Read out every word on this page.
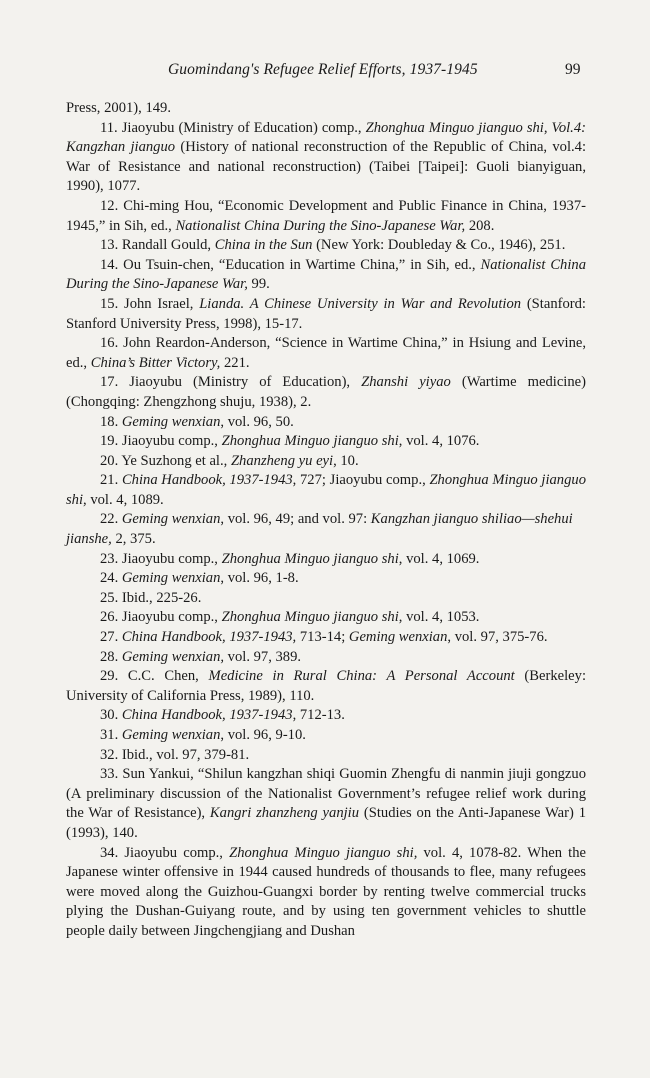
Guomindang's Refugee Relief Efforts, 1937-1945	99

Press, 2001), 149.

11. Jiaoyubu (Ministry of Education) comp., Zhonghua Minguo jianguo shi, Vol.4: Kangzhan jianguo (History of national reconstruction of the Republic of China, vol.4: War of Resistance and national reconstruction) (Taibei [Taipei]: Guoli bianyiguan, 1990), 1077.

12. Chi-ming Hou, “Economic Development and Public Finance in China, 1937-1945,” in Sih, ed., Nationalist China During the Sino-Japanese War, 208.

13. Randall Gould, China in the Sun (New York: Doubleday & Co., 1946), 251.

14. Ou Tsuin-chen, “Education in Wartime China,” in Sih, ed., Nationalist China During the Sino-Japanese War, 99.

15. John Israel, Lianda. A Chinese University in War and Revolution (Stanford: Stanford University Press, 1998), 15-17.

16. John Reardon-Anderson, “Science in Wartime China,” in Hsiung and Levine, ed., China’s Bitter Victory, 221.

17. Jiaoyubu (Ministry of Education), Zhanshi yiyao (Wartime medicine) (Chongqing: Zhengzhong shuju, 1938), 2.

18. Geming wenxian, vol. 96, 50.

19. Jiaoyubu comp., Zhonghua Minguo jianguo shi, vol. 4, 1076.

20. Ye Suzhong et al., Zhanzheng yu eyi, 10.

21. China Handbook, 1937-1943, 727; Jiaoyubu comp., Zhonghua Minguo jianguo shi, vol. 4, 1089.

22. Geming wenxian, vol. 96, 49; and vol. 97: Kangzhan jianguo shiliao—shehui jianshe, 2, 375.

23. Jiaoyubu comp., Zhonghua Minguo jianguo shi, vol. 4, 1069.

24. Geming wenxian, vol. 96, 1-8.

25. Ibid., 225-26.

26. Jiaoyubu comp., Zhonghua Minguo jianguo shi, vol. 4, 1053.

27. China Handbook, 1937-1943, 713-14; Geming wenxian, vol. 97, 375-76.

28. Geming wenxian, vol. 97, 389.

29. C.C. Chen, Medicine in Rural China: A Personal Account (Berkeley: University of California Press, 1989), 110.

30. China Handbook, 1937-1943, 712-13.

31. Geming wenxian, vol. 96, 9-10.

32. Ibid., vol. 97, 379-81.

33. Sun Yankui, “Shilun kangzhan shiqi Guomin Zhengfu di nanmin jiuji gongzuo (A preliminary discussion of the Nationalist Government’s refugee relief work during the War of Resistance), Kangri zhanzheng yanjiu (Studies on the Anti-Japanese War) 1 (1993), 140.

34. Jiaoyubu comp., Zhonghua Minguo jianguo shi, vol. 4, 1078-82. When the Japanese winter offensive in 1944 caused hundreds of thousands to flee, many refugees were moved along the Guizhou-Guangxi border by renting twelve commercial trucks plying the Dushan-Guiyang route, and by using ten government vehicles to shuttle people daily between Jingchengjiang and Dushan
